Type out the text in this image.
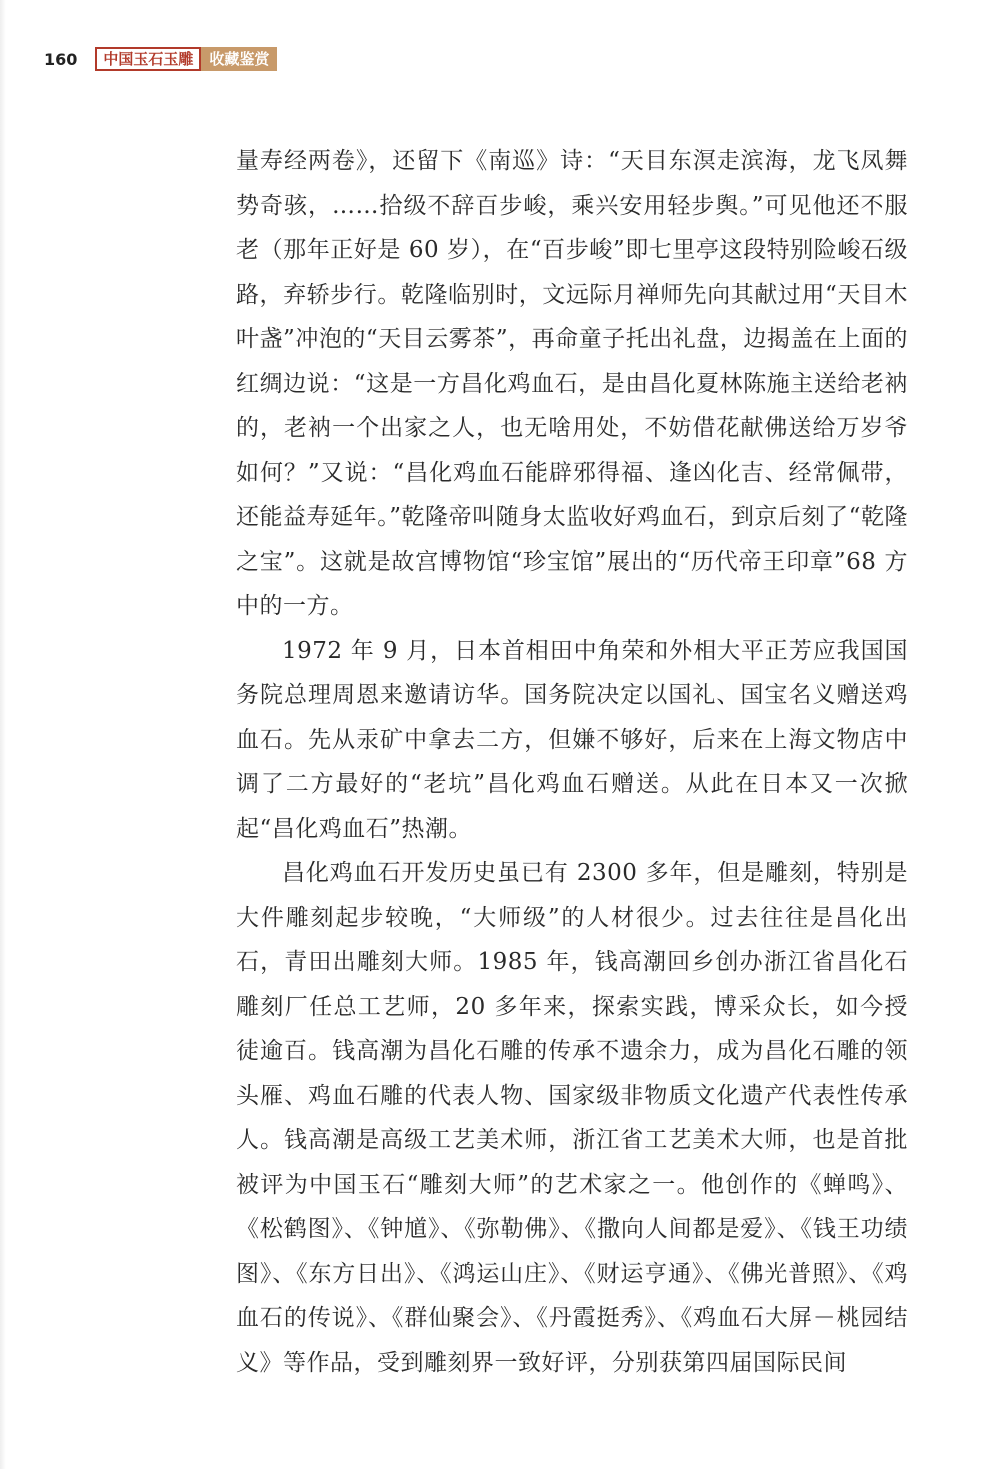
160	中国玉石玉雕	收藏鉴赏

量寿经两卷》，还留下《南巡》诗：“天目东溟走滨海，龙飞凤舞势奇骇，……拾级不辞百步峻，乘兴安用轻步舆。”可见他还不服老（那年正好是 60 岁），在“百步峻”即七里亭这段特别险峻石级路，弃轿步行。乾隆临别时，文远际月禅师先向其献过用“天目木叶盏”冲泡的“天目云雾茶”，再命童子托出礼盘，边揭盖在上面的红绸边说：“这是一方昌化鸡血石，是由昌化夏林陈施主送给老衲的，老衲一个出家之人，也无啥用处，不妨借花献佛送给万岁爷如何？”又说：“昌化鸡血石能辟邪得福、逢凶化吉、经常佩带，还能益寿延年。”乾隆帝叫随身太监收好鸡血石，到京后刻了“乾隆之宝”。这就是故宫博物馆“珍宝馆”展出的“历代帝王印章”68 方中的一方。

1972 年 9 月，日本首相田中角荣和外相大平正芳应我国国务院总理周恩来邀请访华。国务院决定以国礼、国宝名义赠送鸡血石。先从汞矿中拿去二方，但嫌不够好，后来在上海文物店中调了二方最好的“老坑”昌化鸡血石赠送。从此在日本又一次掀起“昌化鸡血石”热潮。

昌化鸡血石开发历史虽已有 2300 多年，但是雕刻，特别是大件雕刻起步较晚，“大师级”的人材很少。过去往往是昌化出石，青田出雕刻大师。1985 年，钱高潮回乡创办浙江省昌化石雕刻厂任总工艺师，20 多年来，探索实践，博采众长，如今授徒逾百。钱高潮为昌化石雕的传承不遗余力，成为昌化石雕的领头雁、鸡血石雕的代表人物、国家级非物质文化遗产代表性传承人。钱高潮是高级工艺美术师，浙江省工艺美术大师，也是首批被评为中国玉石“雕刻大师”的艺术家之一。他创作的《蝉鸣》、《松鹤图》、《钟馗》、《弥勒佛》、《撒向人间都是爱》、《钱王功绩图》、《东方日出》、《鸿运山庄》、《财运亨通》、《佛光普照》、《鸡血石的传说》、《群仙聚会》、《丹霞挺秀》、《鸡血石大屏－桃园结义》等作品，受到雕刻界一致好评，分别获第四届国际民间
